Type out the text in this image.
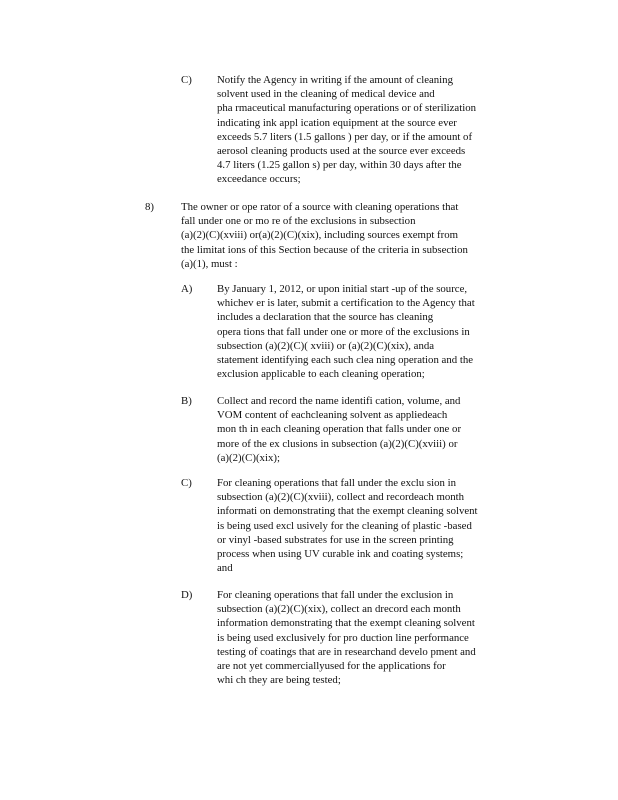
C) Notify the Agency in writing if the amount of cleaning
solvent used in the cleaning of medical device and
pha rmaceutical manufacturing operations or of sterilization
indicating ink appl ication equipment at the source ever
exceeds 5.7 liters (1.5 gallons ) per day, or if the amount of
aerosol cleaning products used at the source ever exceeds
4.7 liters (1.25 gallon s) per day, within 30 days after the
exceedance occurs;
8)	The owner or ope rator of a source with cleaning operations that
fall under one or mo re of the exclusions in subsection
(a)(2)(C)(xviii) or(a)(2)(C)(xix), including sources exempt from
the limitat ions of this Section because of the criteria in subsection
(a)(1), must :
A) By January 1, 2012, or upon initial start -up of the source,
whichev er is later, submit a certification to the Agency that
includes a declaration that the source has cleaning
opera tions that fall under one or more of the exclusions in
subsection (a)(2)(C)( xviii) or (a)(2)(C)(xix), anda
statement identifying each such clea ning operation and the
exclusion applicable to each cleaning operation;
B) Collect and record the name identifi cation, volume, and
VOM content of eachcleaning solvent as appliedeach
mon th in each cleaning operation that falls under one or
more of the ex clusions in subsection (a)(2)(C)(xviii) or
(a)(2)(C)(xix);
C) For cleaning operations that fall under the exclu sion in
subsection (a)(2)(C)(xviii), collect and recordeach month
informati on demonstrating that the exempt cleaning solvent
is being used excl usively for the cleaning of plastic -based
or vinyl -based substrates for use in the screen printing
process when using UV curable ink and coating systems;
and
D) For cleaning operations that fall under the exclusion in
subsection (a)(2)(C)(xix), collect an drecord each month
information demonstrating that the exempt cleaning solvent
is being used exclusively for pro duction line performance
testing of coatings that are in researchand develo pment and
are not yet commerciallyused for the applications for
whi ch they are being tested;
